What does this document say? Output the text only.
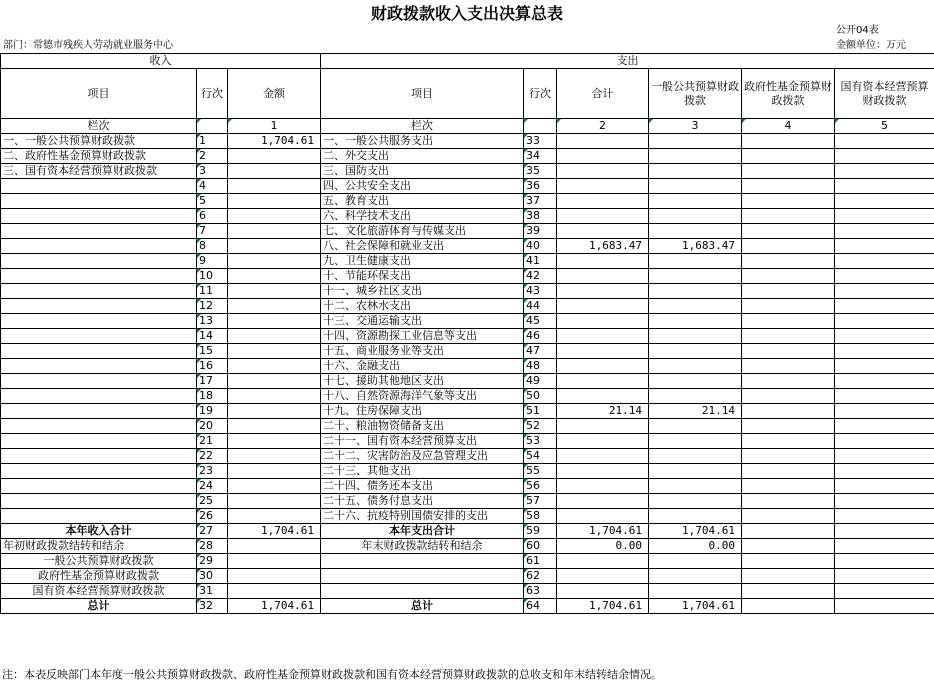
财政拨款收入支出决算总表
公开04表
部门：常德市残疾人劳动就业服务中心	金额单位：万元
收入			支出					
项目	行次	金额	项目	行次	合计	一般公共预算财政拨款	政府性基金预算财政拨款	国有资本经营预算财政拨款
栏次		1	栏次		2	3	4	5
一、一般公共预算财政拨款	1	1,704.61	一、一般公共服务支出	33				
二、政府性基金预算财政拨款	2		二、外交支出	34				
三、国有资本经营预算财政拨款	3		三、国防支出	35				
	4		四、公共安全支出	36				
	5		五、教育支出	37				
	6		六、科学技术支出	38				
	7		七、文化旅游体育与传媒支出	39				
	8		八、社会保障和就业支出	40	1,683.47	1,683.47		
	9		九、卫生健康支出	41				
	10		十、节能环保支出	42				
	11		十一、城乡社区支出	43				
	12		十二、农林水支出	44				
	13		十三、交通运输支出	45				
	14		十四、资源勘探工业信息等支出	46				
	15		十五、商业服务业等支出	47				
	16		十六、金融支出	48				
	17		十七、援助其他地区支出	49				
	18		十八、自然资源海洋气象等支出	50				
	19		十九、住房保障支出	51	21.14	21.14		
	20		二十、粮油物资储备支出	52				
	21		二十一、国有资本经营预算支出	53				
	22		二十二、灾害防治及应急管理支出	54				
	23		二十三、其他支出	55				
	24		二十四、债务还本支出	56				
	25		二十五、债务付息支出	57				
	26		二十六、抗疫特别国债安排的支出	58				
本年收入合计	27	1,704.61	本年支出合计	59	1,704.61	1,704.61		
年初财政拨款结转和结余	28		年末财政拨款结转和结余	60	0.00	0.00		
一般公共预算财政拨款	29			61				
政府性基金预算财政拨款	30			62				
国有资本经营预算财政拨款	31			63				
总计	32	1,704.61	总计	64	1,704.61	1,704.61		
注：本表反映部门本年度一般公共预算财政拨款、政府性基金预算财政拨款和国有资本经营预算财政拨款的总收支和年末结转结余情况。
